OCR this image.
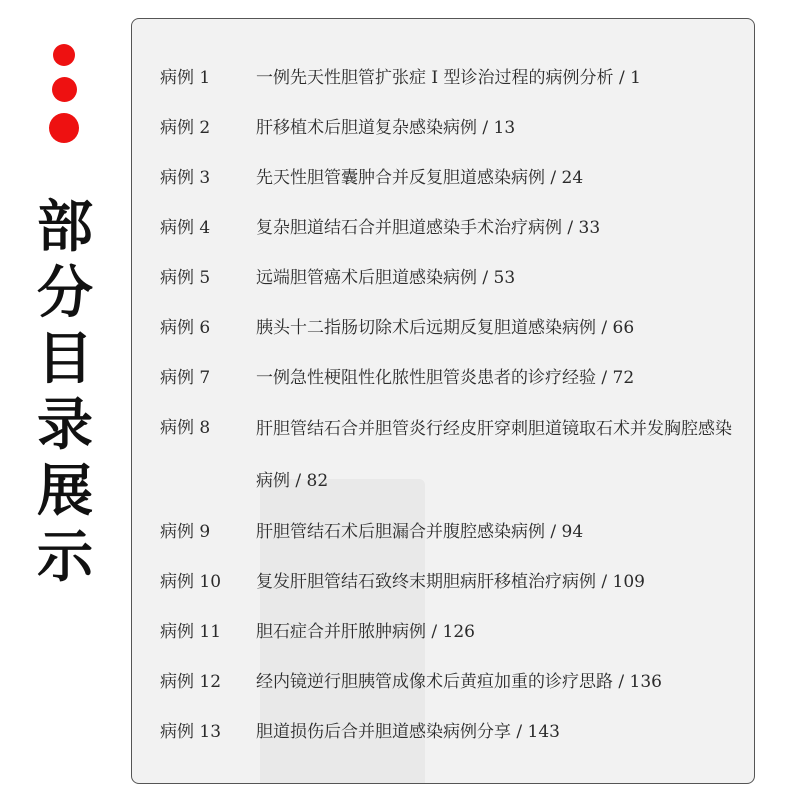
部分目录展示
病例 1	一例先天性胆管扩张症 I 型诊治过程的病例分析 / 1
病例 2	肝移植术后胆道复杂感染病例 / 13
病例 3	先天性胆管囊肿合并反复胆道感染病例 / 24
病例 4	复杂胆道结石合并胆道感染手术治疗病例 / 33
病例 5	远端胆管癌术后胆道感染病例 / 53
病例 6	胰头十二指肠切除术后远期反复胆道感染病例 / 66
病例 7	一例急性梗阻性化脓性胆管炎患者的诊疗经验 / 72
病例 8	肝胆管结石合并胆管炎行经皮肝穿刺胆道镜取石术并发胸腔感染病例 / 82
病例 9	肝胆管结石术后胆漏合并腹腔感染病例 / 94
病例 10	复发肝胆管结石致终末期胆病肝移植治疗病例 / 109
病例 11	胆石症合并肝脓肿病例 / 126
病例 12	经内镜逆行胆胰管成像术后黄疸加重的诊疗思路 / 136
病例 13	胆道损伤后合并胆道感染病例分享 / 143
